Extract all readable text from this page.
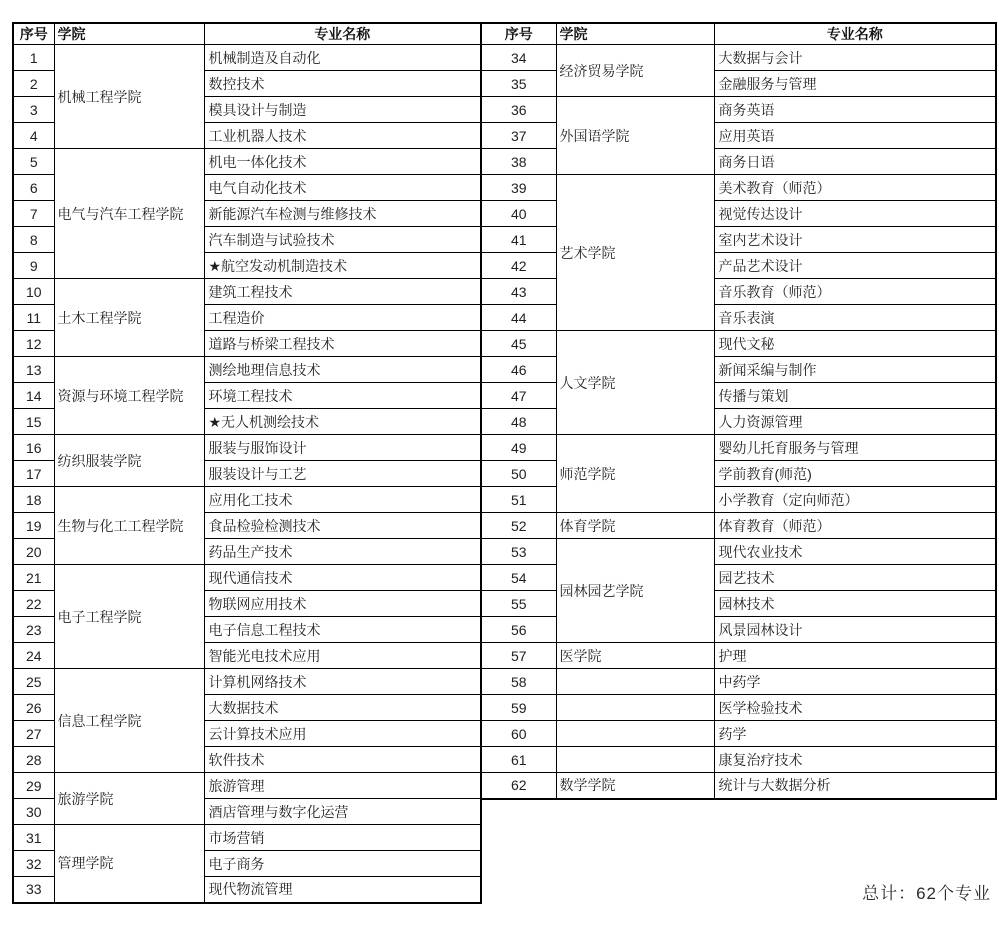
序号	学院	专业名称
1	机械工程学院	机械制造及自动化
2		数控技术
3		模具设计与制造
4		工业机器人技术
5	电气与汽车工程学院	机电一体化技术
6		电气自动化技术
7		新能源汽车检测与维修技术
8		汽车制造与试验技术
9		★航空发动机制造技术
10	土木工程学院	建筑工程技术
11		工程造价
12		道路与桥梁工程技术
13	资源与环境工程学院	测绘地理信息技术
14		环境工程技术
15		★无人机测绘技术
16	纺织服装学院	服装与服饰设计
17		服装设计与工艺
18	生物与化工工程学院	应用化工技术
19		食品检验检测技术
20		药品生产技术
21	电子工程学院	现代通信技术
22		物联网应用技术
23		电子信息工程技术
24		智能光电技术应用
25	信息工程学院	计算机网络技术
26		大数据技术
27		云计算技术应用
28		软件技术
29	旅游学院	旅游管理
30		酒店管理与数字化运营
31	管理学院	市场营销
32		电子商务
33		现代物流管理
序号	学院	专业名称
34	经济贸易学院	大数据与会计
35		金融服务与管理
36	外国语学院	商务英语
37		应用英语
38		商务日语
39	艺术学院	美术教育（师范）
40		视觉传达设计
41		室内艺术设计
42		产品艺术设计
43		音乐教育（师范）
44		音乐表演
45	人文学院	现代文秘
46		新闻采编与制作
47		传播与策划
48		人力资源管理
49	师范学院	婴幼儿托育服务与管理
50		学前教育(师范)
51		小学教育（定向师范）
52	体育学院	体育教育（师范）
53	园林园艺学院	现代农业技术
54		园艺技术
55		园林技术
56		风景园林设计
57	医学院	护理
58		中药学
59		医学检验技术
60		药学
61		康复治疗技术
62	数学学院	统计与大数据分析
总计：62个专业
